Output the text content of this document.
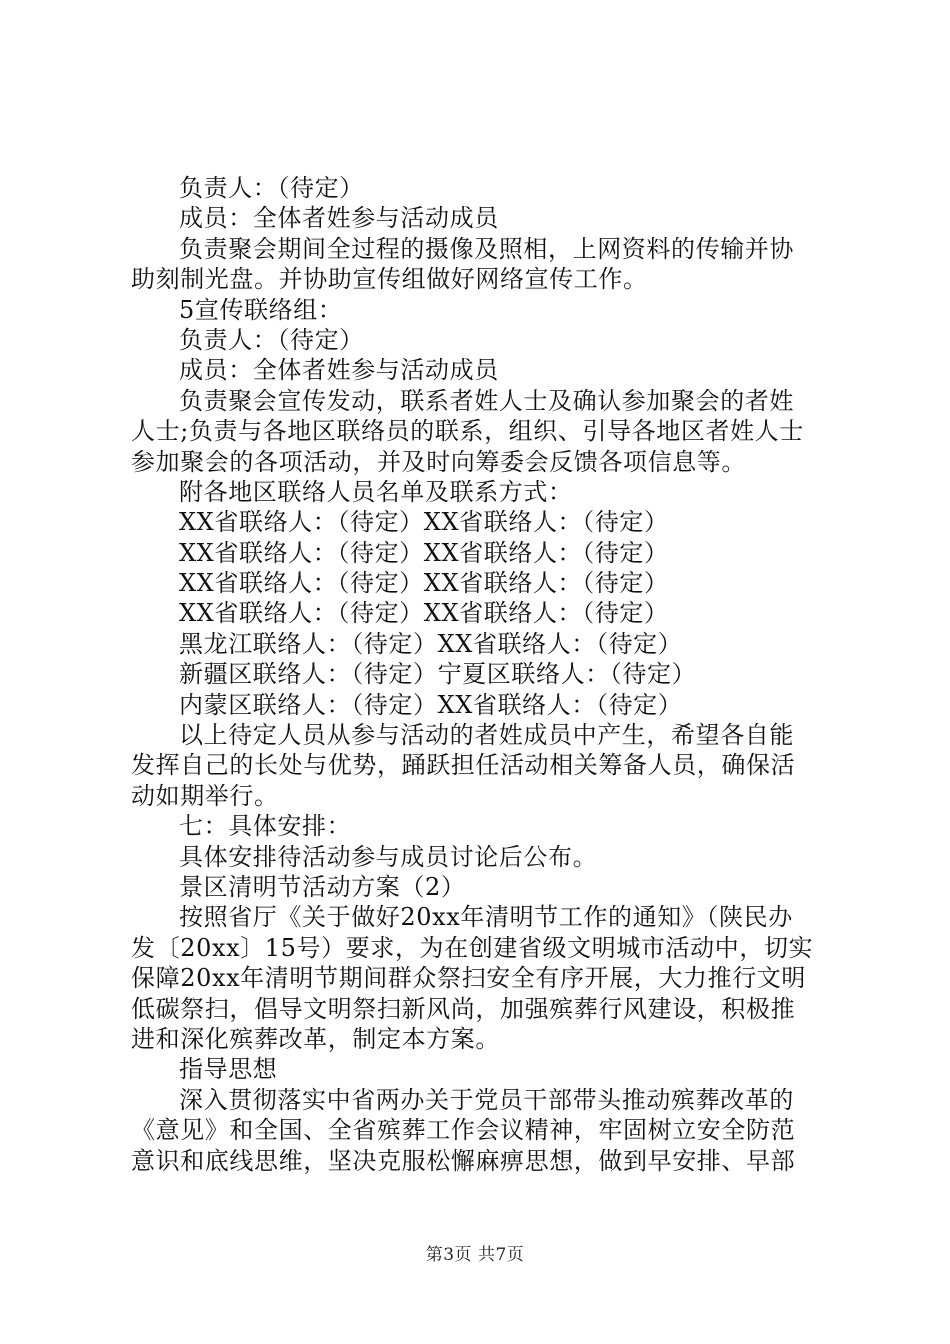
负责人：（待定）
成员：全体者姓参与活动成员
负责聚会期间全过程的摄像及照相，上网资料的传输并协
助刻制光盘。并协助宣传组做好网络宣传工作。
5宣传联络组：
负责人：（待定）
成员：全体者姓参与活动成员
负责聚会宣传发动，联系者姓人士及确认参加聚会的者姓
人士;负责与各地区联络员的联系，组织、引导各地区者姓人士
参加聚会的各项活动，并及时向筹委会反馈各项信息等。
附各地区联络人员名单及联系方式：
XX省联络人：（待定）XX省联络人：（待定）
XX省联络人：（待定）XX省联络人：（待定）
XX省联络人：（待定）XX省联络人：（待定）
XX省联络人：（待定）XX省联络人：（待定）
黑龙江联络人：（待定）XX省联络人：（待定）
新疆区联络人：（待定）宁夏区联络人：（待定）
内蒙区联络人：（待定）XX省联络人：（待定）
以上待定人员从参与活动的者姓成员中产生，希望各自能
发挥自己的长处与优势，踊跃担任活动相关筹备人员，确保活
动如期举行。
七：具体安排：
具体安排待活动参与成员讨论后公布。
景区清明节活动方案（2）
按照省厅《关于做好20xx年清明节工作的通知》（陕民办
发〔20xx〕15号）要求，为在创建省级文明城市活动中，切实
保障20xx年清明节期间群众祭扫安全有序开展，大力推行文明
低碳祭扫，倡导文明祭扫新风尚，加强殡葬行风建设，积极推
进和深化殡葬改革，制定本方案。
指导思想
深入贯彻落实中省两办关于党员干部带头推动殡葬改革的
《意见》和全国、全省殡葬工作会议精神，牢固树立安全防范
意识和底线思维，坚决克服松懈麻痹思想，做到早安排、早部
第3页 共7页
